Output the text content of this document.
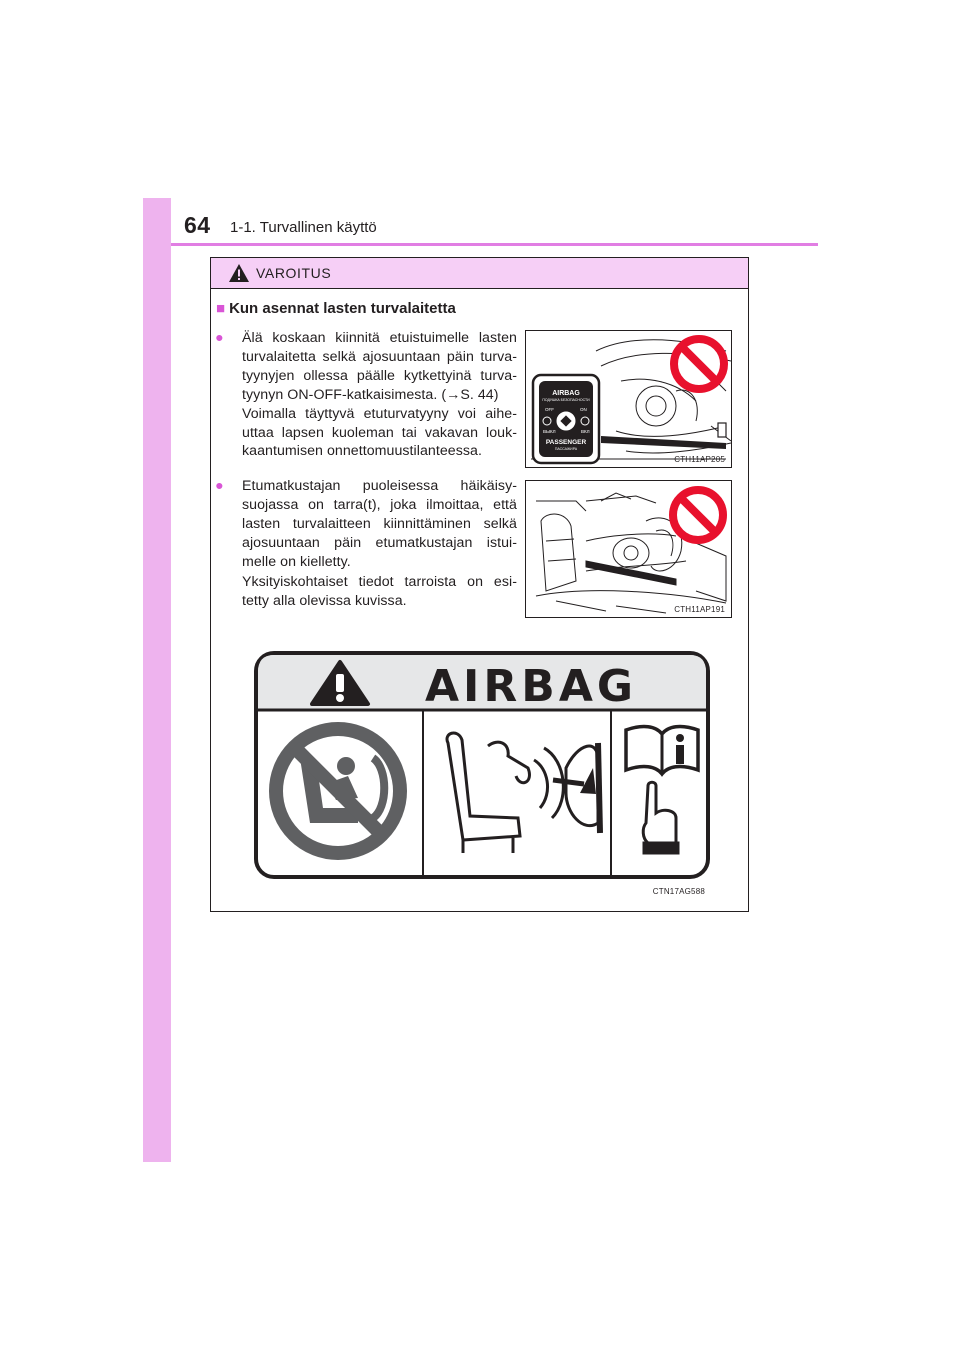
64 1-1. Turvallinen käyttö
VAROITUS
■ Kun asennat lasten turvalaitetta
● Älä koskaan kiinnitä etuistuimelle lasten
turvalaitetta selkä ajosuuntaan päin turva-
tyynyjen ollessa päälle kytkettyinä turva-
tyynyn ON-OFF-katkaisimesta. (→S. 44)
Voimalla täyttyvä etuturvatyyny voi aihe-
uttaa lapsen kuoleman tai vakavan louk-
kaantumisen onnettomuustilanteessa.
● Etumatkustajan puoleisessa häikäisy-
suojassa on tarra(t), joka ilmoittaa, että
lasten turvalaitteen kiinnittäminen selkä
ajosuuntaan päin etumatkustajan istui-
melle on kielletty.
Yksityiskohtaiset tiedot tarroista on esi-
tetty alla olevissa kuvissa.
AIRBAG
ПОДУШКА БЕЗОПАСНОСТИ
OFF	ON
ВЫКЛ	ВКЛ
PASSENGER
ПАССАЖИРА
CTH11AP205
CTH11AP191
AIRBAG
CTN17AG588
